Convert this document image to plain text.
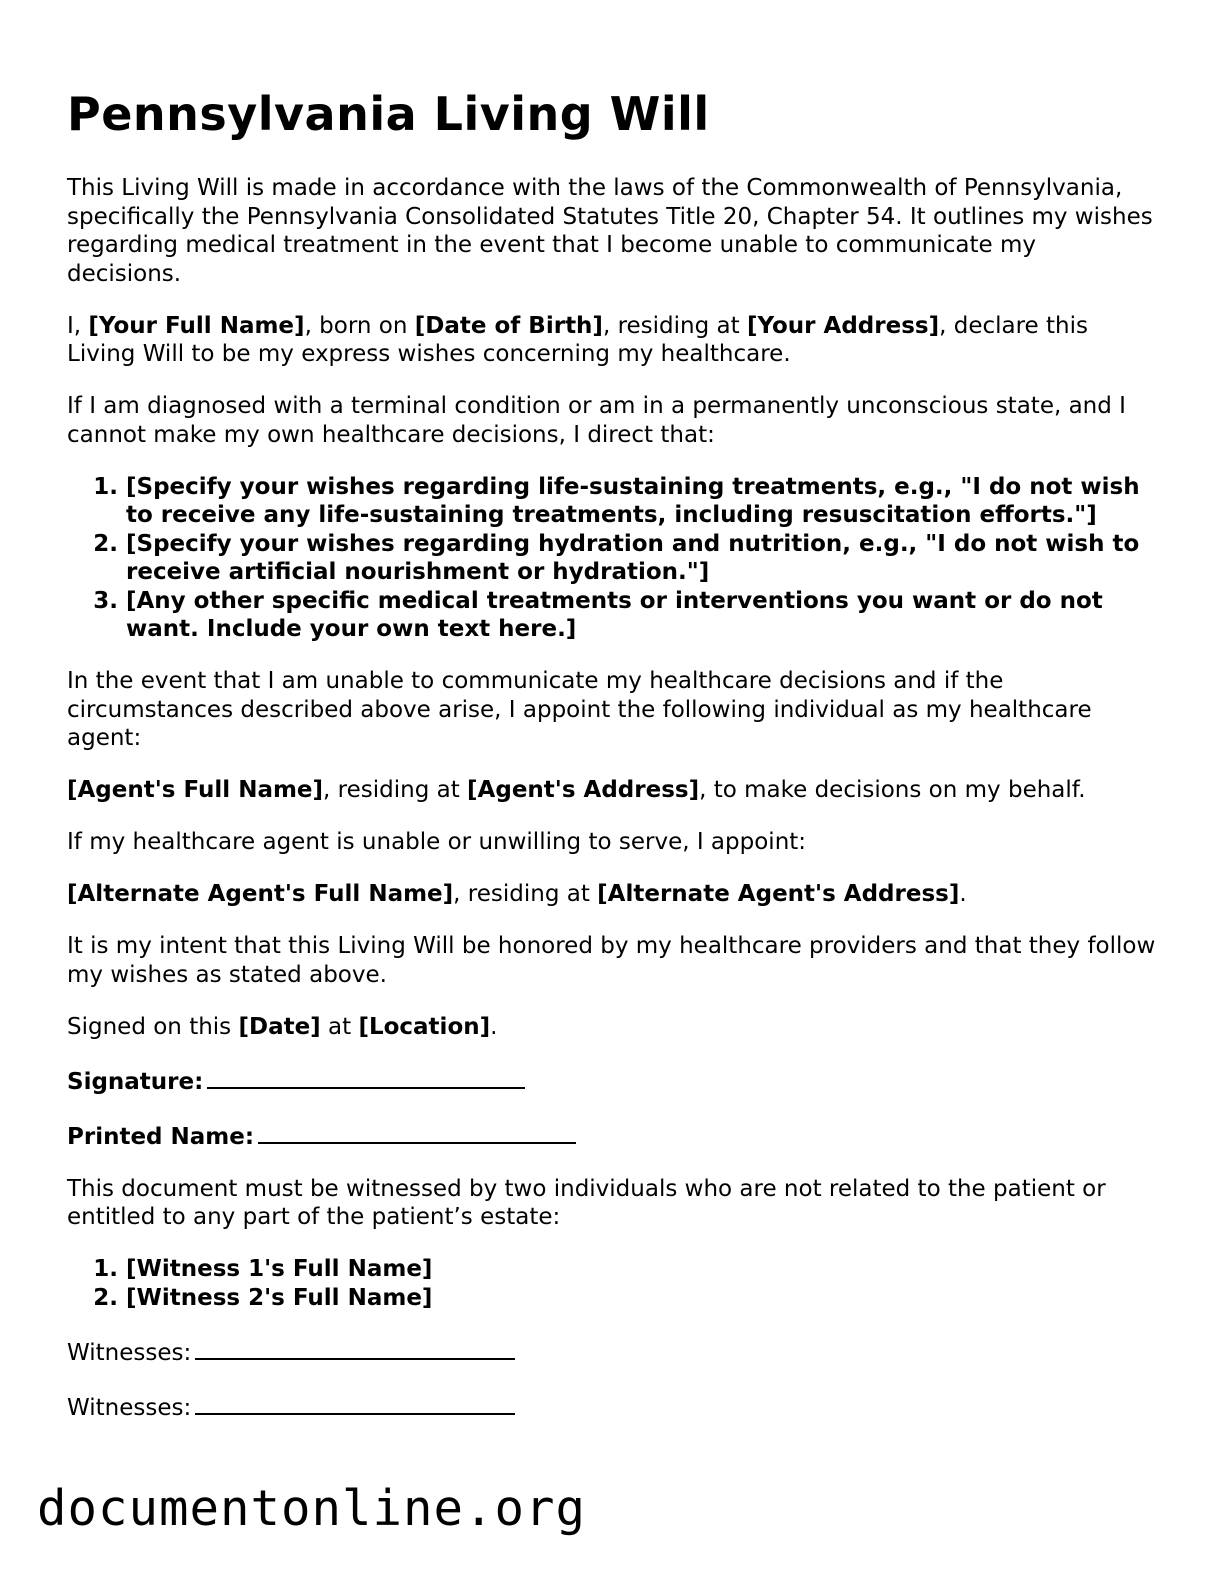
Pennsylvania Living Will

This Living Will is made in accordance with the laws of the Commonwealth of Pennsylvania, specifically the Pennsylvania Consolidated Statutes Title 20, Chapter 54. It outlines my wishes regarding medical treatment in the event that I become unable to communicate my decisions.

I, [Your Full Name], born on [Date of Birth], residing at [Your Address], declare this Living Will to be my express wishes concerning my healthcare.

If I am diagnosed with a terminal condition or am in a permanently unconscious state, and I cannot make my own healthcare decisions, I direct that:

1. [Specify your wishes regarding life-sustaining treatments, e.g., "I do not wish to receive any life-sustaining treatments, including resuscitation efforts."]
2. [Specify your wishes regarding hydration and nutrition, e.g., "I do not wish to receive artificial nourishment or hydration."]
3. [Any other specific medical treatments or interventions you want or do not want. Include your own text here.]

In the event that I am unable to communicate my healthcare decisions and if the circumstances described above arise, I appoint the following individual as my healthcare agent:

[Agent's Full Name], residing at [Agent's Address], to make decisions on my behalf.

If my healthcare agent is unable or unwilling to serve, I appoint:

[Alternate Agent's Full Name], residing at [Alternate Agent's Address].

It is my intent that this Living Will be honored by my healthcare providers and that they follow my wishes as stated above.

Signed on this [Date] at [Location].

Signature:

Printed Name:

This document must be witnessed by two individuals who are not related to the patient or entitled to any part of the patient’s estate:

1. [Witness 1's Full Name]
2. [Witness 2's Full Name]

Witnesses:

Witnesses:

documentonline.org
